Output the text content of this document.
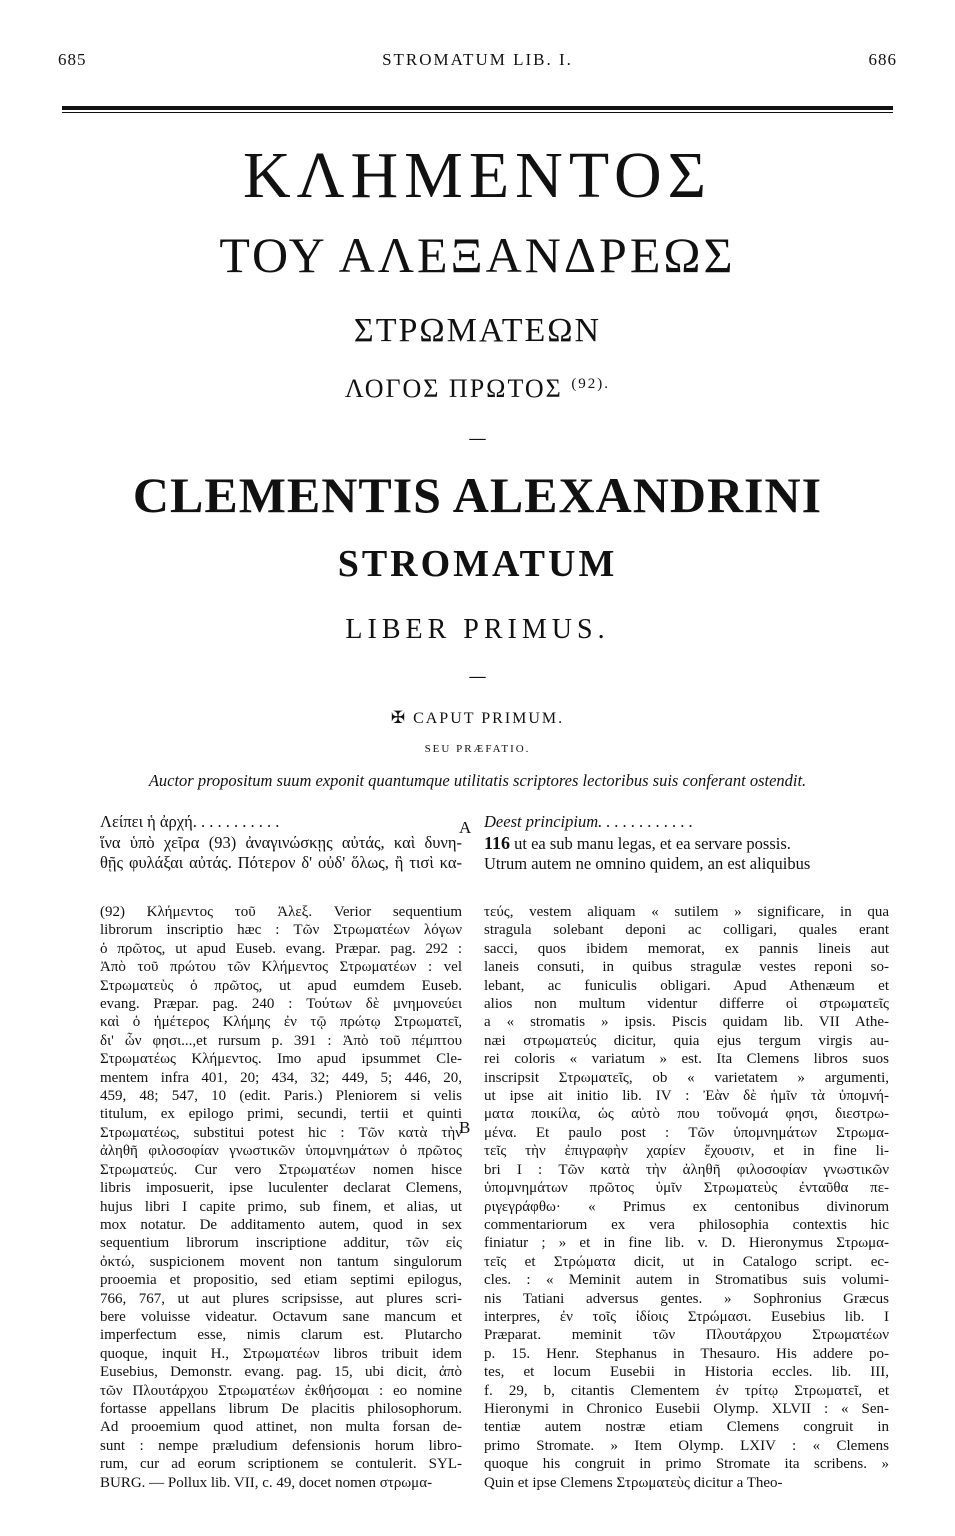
685	STROMATUM LIB. I.	686
ΚΛΗΜΕΝΤΟΣ
ΤΟΥ ΑΛΕΞΑΝΔΡΕΩΣ
ΣΤΡΩΜΑΤΕΩΝ
ΛΟΓΟΣ ΠΡΩΤΟΣ $^{(92).}$
—
CLEMENTIS ALEXANDRINI
STROMATUM
LIBER PRIMUS.
—
✠ CAPUT PRIMUM.
SEU PRÆFATIO.
Auctor propositum suum exponit quantumque utilitatis scriptores lectoribus suis conferant ostendit.
Λείπει ἡ ἀρχή. . . . . . . . . . .
ἵνα ὑπὸ χεῖρα (93) ἀναγινώσκῃς αὐτάς, καὶ δυνη-
θῇς φυλάξαι αὐτάς. Πότερον δ' οὐδ' ὅλως, ἢ τισὶ κα-
A Deest principium. . . . . . . . . . . .
116 ut ea sub manu legas, et ea servare possis.
Utrum autem ne omnino quidem, an est aliquibus
(92) Κλήμεντος τοῦ Ἀλεξ. Verior sequentium
librorum inscriptio hæc : Τῶν Στρωματέων λόγων
ὁ πρῶτος, ut apud Euseb. evang. Præpar. pag. 292 :
Ἀπὸ τοῦ πρώτου τῶν Κλήμεντος Στρωματέων : vel
Στρωματεὺς ὁ πρῶτος, ut apud eumdem Euseb.
evang. Præpar. pag. 240 : Τούτων δὲ μνημονεύει
καὶ ὁ ἡμέτερος Κλήμης ἐν τῷ πρώτῳ Στρωματεῖ,
δι' ὧν φησι...,et rursum p. 391 : Ἀπὸ τοῦ πέμπτου
Στρωματέως Κλήμεντος. Imo apud ipsummet Cle-
mentem infra 401, 20; 434, 32; 449, 5; 446, 20,
459, 48; 547, 10 (edit. Paris.) Pleniorem si velis
titulum, ex epilogo primi, secundi, tertii et quinti
Στρωματέως, substitui potest hic : Τῶν κατὰ τὴν
ἀληθῆ φιλοσοφίαν γνωστικῶν ὑπομνημάτων ὁ πρῶτος
Στρωματεύς. Cur vero Στρωματέων nomen hisce
libris imposuerit, ipse luculenter declarat Clemens,
hujus libri I capite primo, sub finem, et alias, ut
mox notatur. De additamento autem, quod in sex
sequentium librorum inscriptione additur, τῶν εἰς
ὀκτώ, suspicionem movent non tantum singulorum
prooemia et propositio, sed etiam septimi epilogus,
766, 767, ut aut plures scripsisse, aut plures scri-
bere voluisse videatur. Octavum sane mancum et
imperfectum esse, nimis clarum est. Plutarcho
quoque, inquit H., Στρωματέων libros tribuit idem
Eusebius, Demonstr. evang. pag. 15, ubi dicit, ἀπὸ
τῶν Πλουτάρχου Στρωματέων ἐκθήσομαι : eo nomine
fortasse appellans librum De placitis philosophorum.
Ad prooemium quod attinet, non multa forsan de-
sunt : nempe præludium defensionis horum libro-
rum, cur ad eorum scriptionem se contulerit. SYL-
BURG. — Pollux lib. VII, c. 49, docet nomen στρωμα-
B
τεύς, vestem aliquam « sutilem » significare, in qua
stragula solebant deponi ac colligari, quales erant
sacci, quos ibidem memorat, ex pannis lineis aut
laneis consuti, in quibus stragulæ vestes reponi so-
lebant, ac funiculis obligari. Apud Athenæum et
alios non multum videntur differre οἱ στρωματεῖς
a « stromatis » ipsis. Piscis quidam lib. VII Athe-
næi στρωματεύς dicitur, quia ejus tergum virgis au-
rei coloris « variatum » est. Ita Clemens libros suos
inscripsit Στρωματεῖς, ob « varietatem » argumenti,
ut ipse ait initio lib. IV : Ἐὰν δὲ ἡμῖν τὰ ὑπομνή-
ματα ποικίλα, ὡς αὐτὸ που τοὔνομά φησι, διεστρω-
μένα. Et paulo post : Τῶν ὑπομνημάτων Στρωμα-
τεῖς τὴν ἐπιγραφὴν χαρίεν ἔχουσιν, et in fine li-
bri I : Τῶν κατὰ τὴν ἀληθῆ φιλοσοφίαν γνωστικῶν
ὑπομνημάτων πρῶτος ὑμῖν Στρωματεὺς ἐνταῦθα πε-
ριγεγράφθω· « Primus ex centonibus divinorum
commentariorum ex vera philosophia contextis hic
finiatur ; » et in fine lib. v. D. Hieronymus Στρωμα-
τεῖς et Στρώματα dicit, ut in Catalogo script. ec-
cles. : « Meminit autem in Stromatibus suis volumi-
nis Tatiani adversus gentes. » Sophronius Græcus
interpres, ἐν τοῖς ἰδίοις Στρώμασι. Eusebius lib. I
Præparat. meminit τῶν Πλουτάρχου Στρωματέων
p. 15. Henr. Stephanus in Thesauro. His addere po-
tes, et locum Eusebii in Historia eccles. lib. III,
f. 29, b, citantis Clementem ἐν τρίτῳ Στρωματεῖ, et
Hieronymi in Chronico Eusebii Olymp. XLVII : « Sen-
tentiæ autem nostræ etiam Clemens congruit in
primo Stromate. » Item Olymp. LXIV : « Clemens
quoque his congruit in primo Stromate ita scribens. »
Quin et ipse Clemens Στρωματεὺς dicitur a Theo-
